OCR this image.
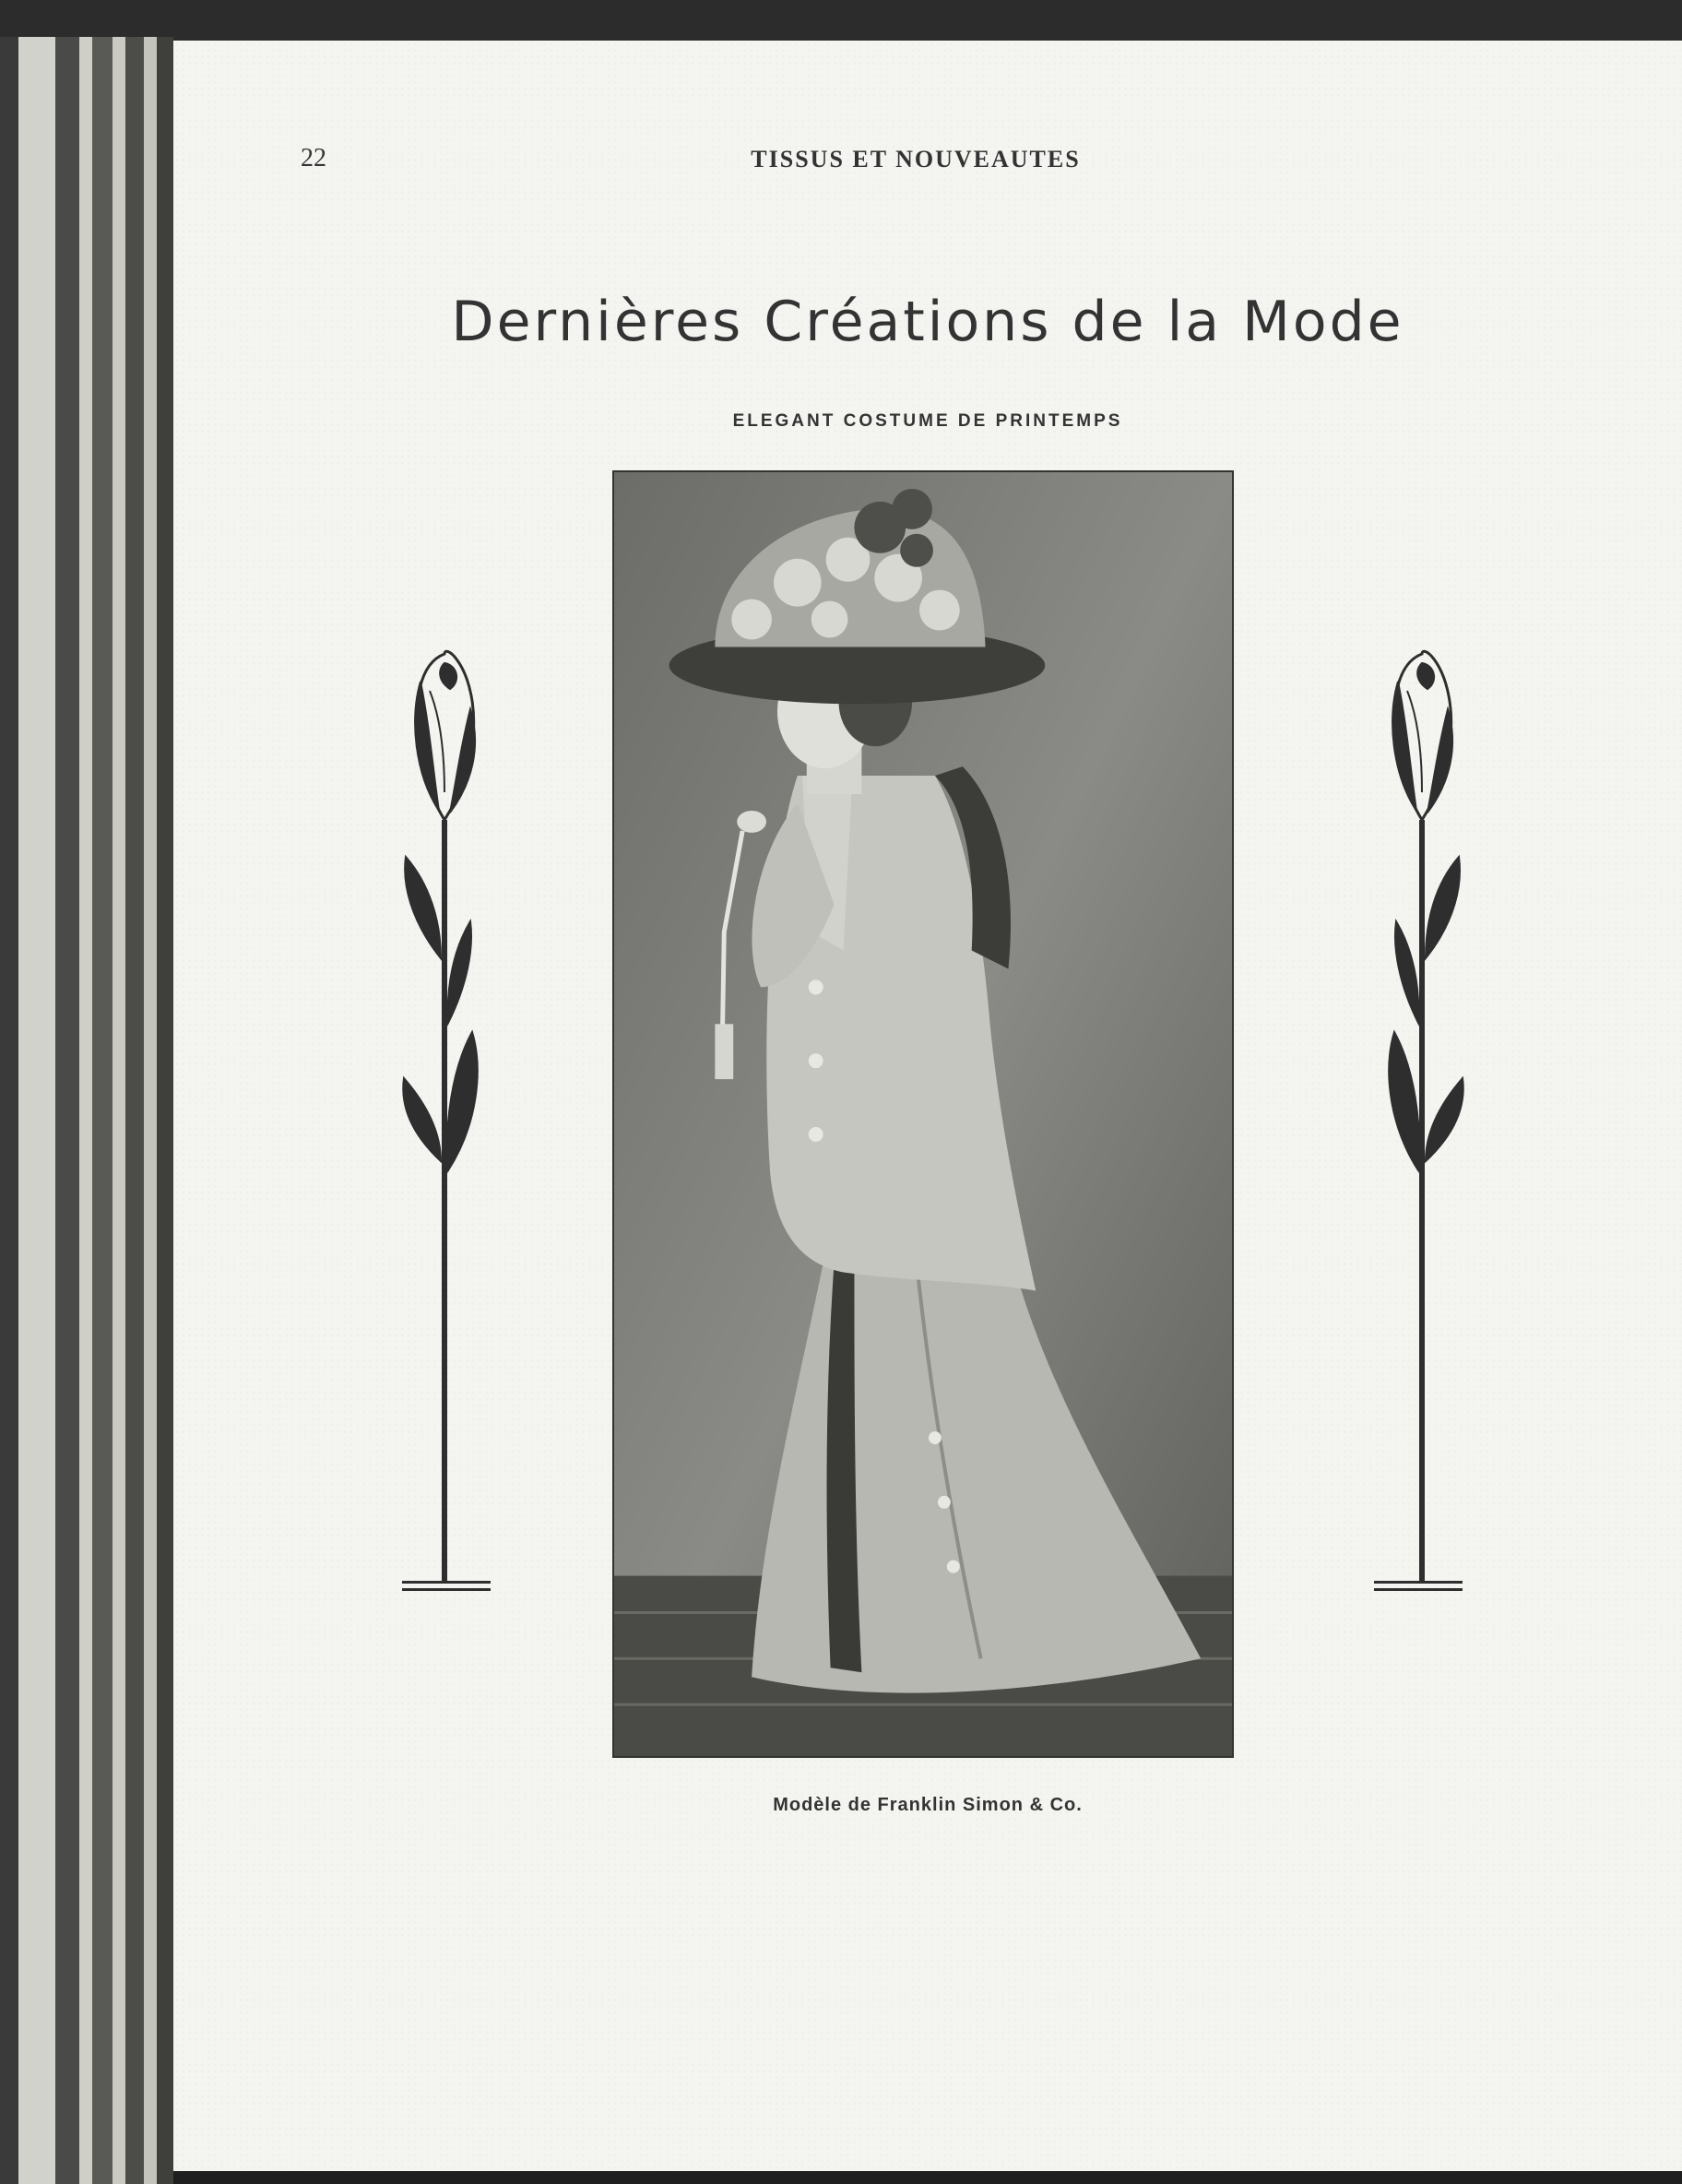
22	TISSUS ET NOUVEAUTES
Dernières Créations de la Mode
ELEGANT COSTUME DE PRINTEMPS
Modèle de Franklin Simon & Co.
